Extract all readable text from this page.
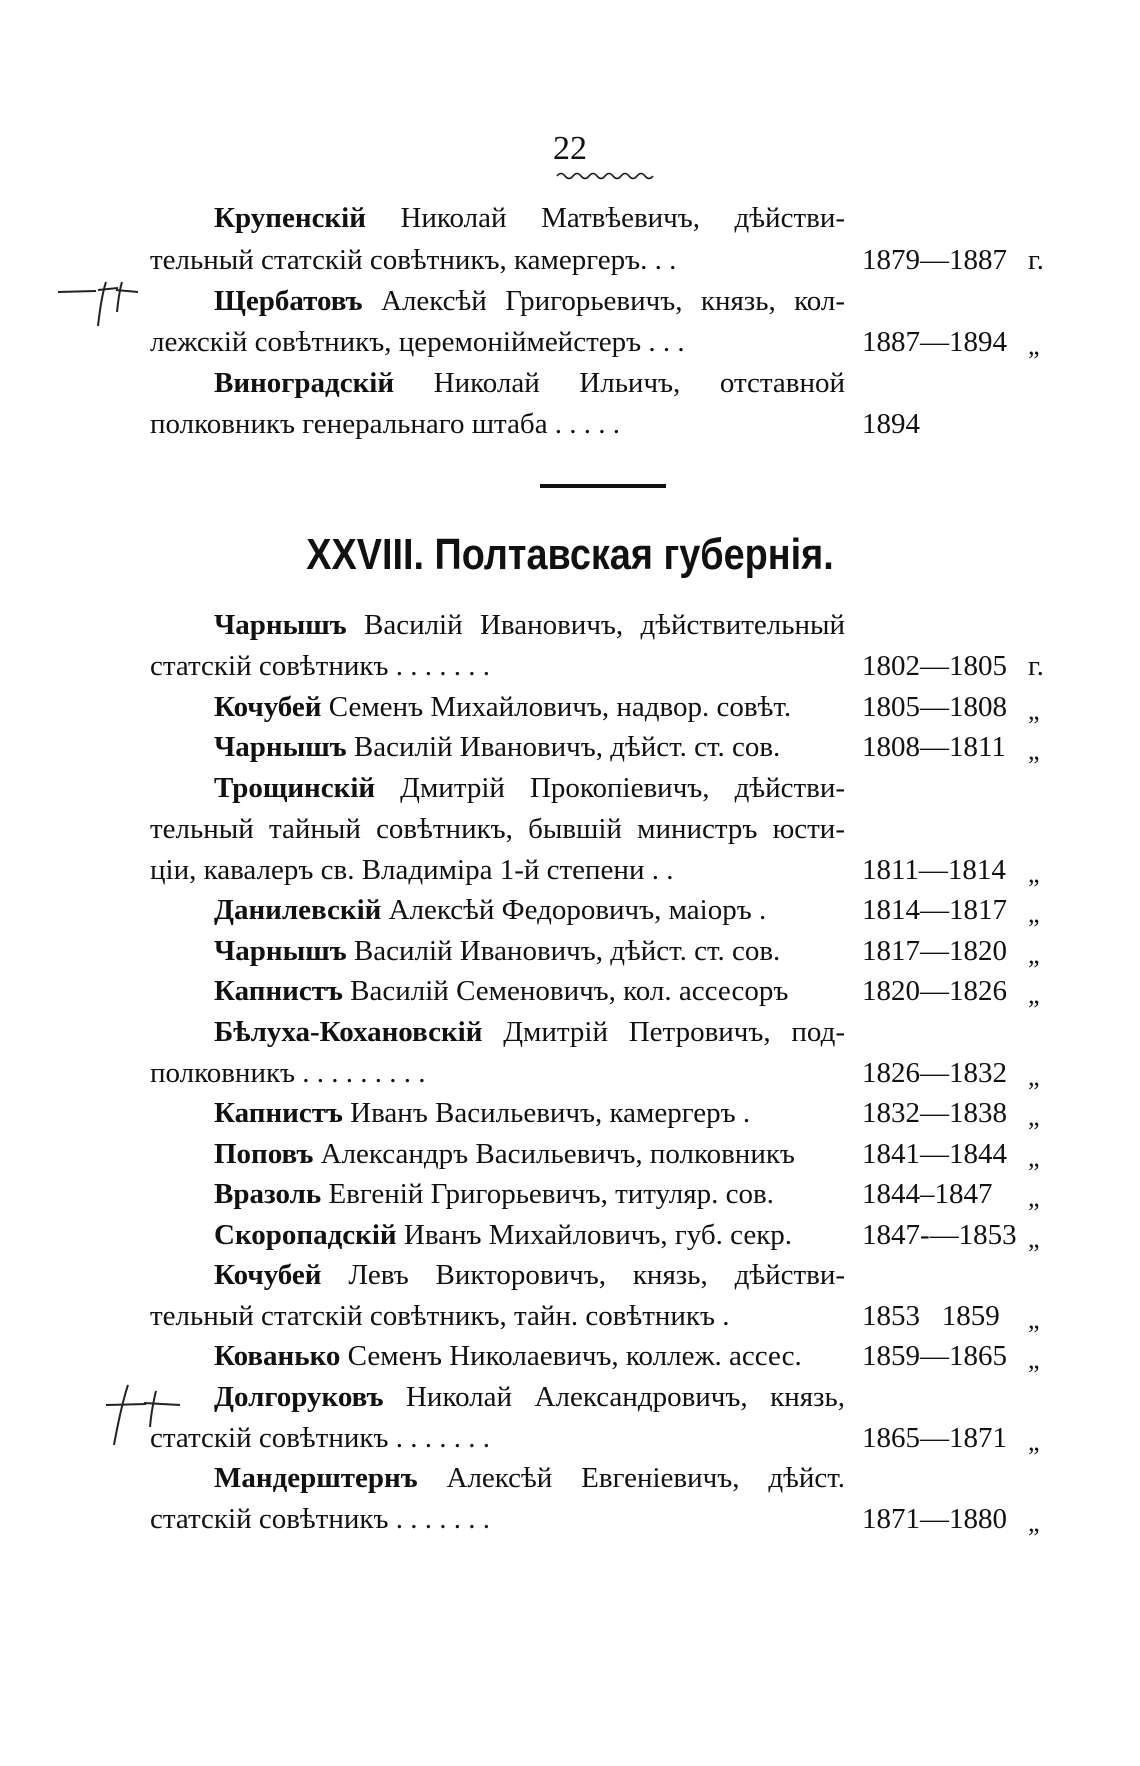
22
Крупенскій Николай Матвѣевичъ, дѣйстви-
тельный статскій совѣтникъ, камергеръ. . .	1879—1887 г.
Щербатовъ Алексѣй Григорьевичъ, князь, кол-
лежскій совѣтникъ, церемоніймейстеръ . . .	1887—1894 „
Виноградскій Николай Ильичъ, отставной
полковникъ генеральнаго штаба . . . . .	1894
XXVIII. Полтавская губернія.
Чарнышъ Василій Ивановичъ, дѣйствительный
статскій совѣтникъ . . . . . . .	1802—1805 г.
Кочубей Семенъ Михайловичъ, надвор. совѣт. 1805—1808 „
Чарнышъ Василій Ивановичъ, дѣйст. ст. сов.	1808—1811 „
Трощинскій Дмитрій Прокопіевичъ, дѣйстви-
тельный тайный совѣтникъ, бывшій министръ юсти-
ціи, кавалеръ св. Владиміра 1-й степени . .	1811—1814 „
Данилевскій Алексѣй Федоровичъ, маіоръ .	1814—1817 „
Чарнышъ Василій Ивановичъ, дѣйст. ст. сов.	1817—1820 „
Капнистъ Василій Семеновичъ, кол. ассесоръ	1820—1826 „
Бѣлуха-Кохановскій Дмитрій Петровичъ, под-
полковникъ . . . . . . . . .	1826—1832 „
Капнистъ Иванъ Васильевичъ, камергеръ .	1832—1838 „
Поповъ Александръ Васильевичъ, полковникъ 1841—1844 „
Вразоль Евгеній Григорьевичъ, титуляр. сов.	1844–1847 „
Скоропадскій Иванъ Михайловичъ, губ. секр. 1847-—1853 „
Кочубей Левъ Викторовичъ, князь, дѣйстви-
тельный статскій совѣтникъ, тайн. совѣтникъ .	1853   1859 „
Кованько Семенъ Николаевичъ, коллеж. ассес. 1859—1865 „
Долгоруковъ Николай Александровичъ, князь,
статскій совѣтникъ . . . . . . .	1865—1871 „
Мандерштернъ Алексѣй Евгеніевичъ, дѣйст.
статскій совѣтникъ . . . . . . .	1871—1880 „
